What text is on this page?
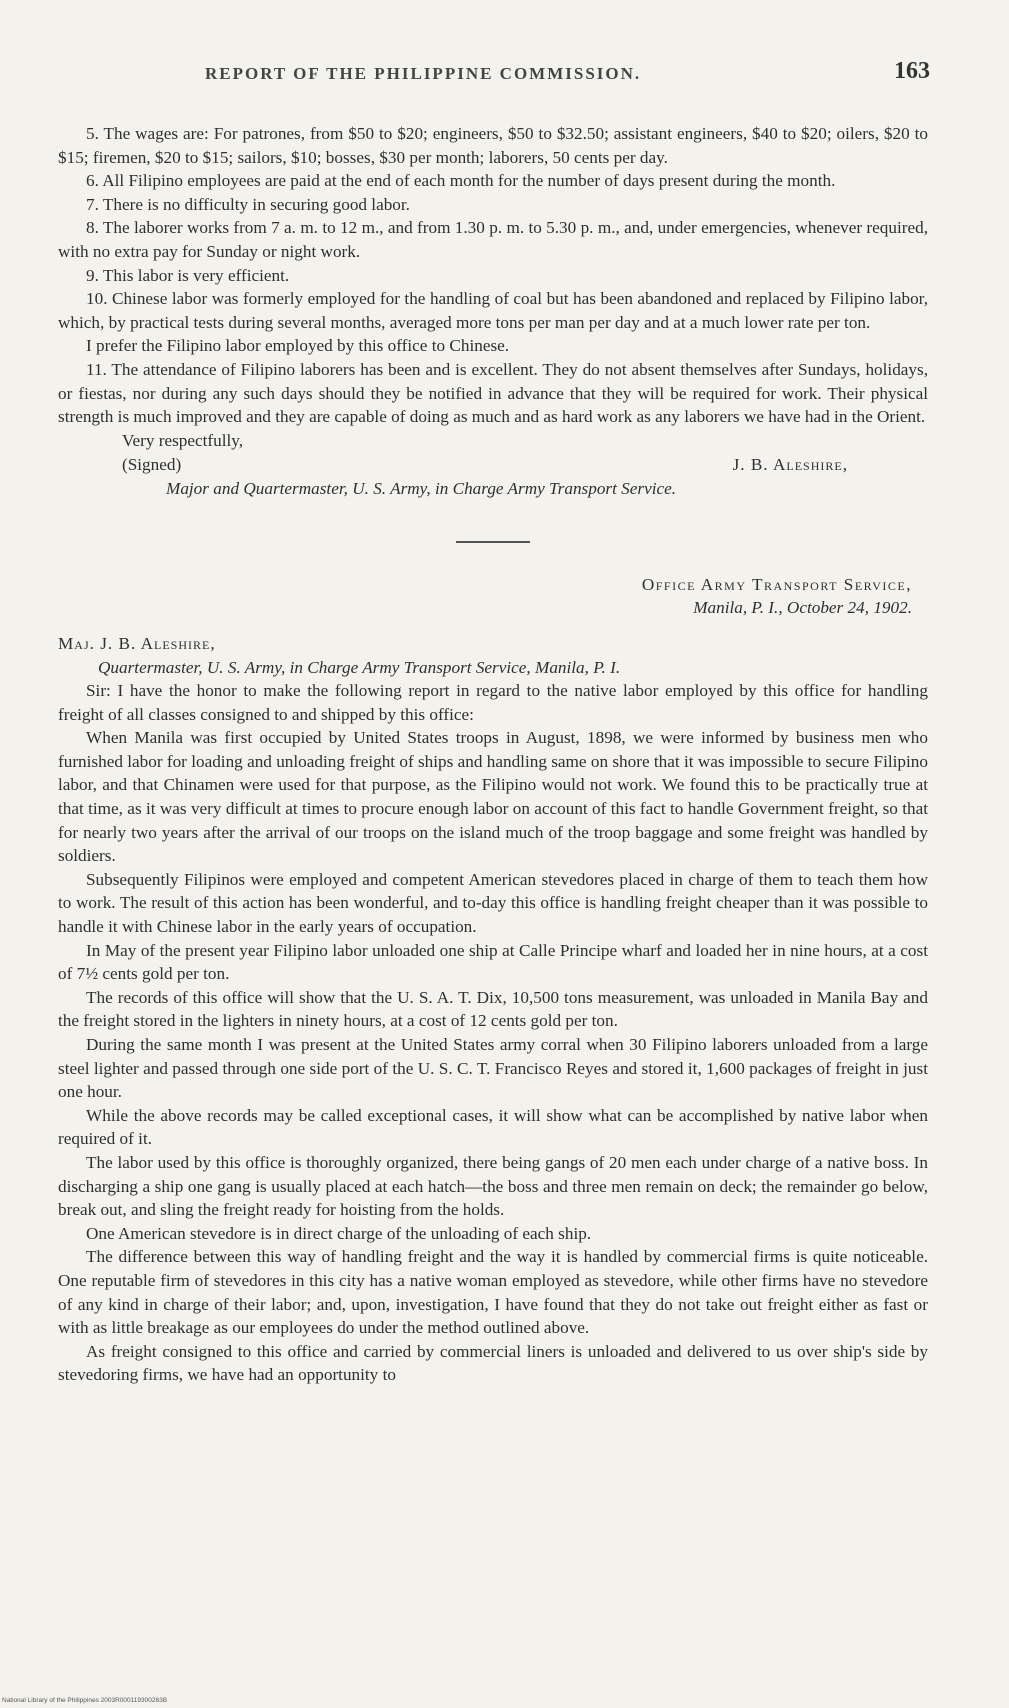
REPORT OF THE PHILIPPINE COMMISSION.	163

5. The wages are: For patrones, from $50 to $20; engineers, $50 to $32.50; assistant engineers, $40 to $20; oilers, $20 to $15; firemen, $20 to $15; sailors, $10; bosses, $30 per month; laborers, 50 cents per day.

6. All Filipino employees are paid at the end of each month for the number of days present during the month.

7. There is no difficulty in securing good labor.

8. The laborer works from 7 a. m. to 12 m., and from 1.30 p. m. to 5.30 p. m., and, under emergencies, whenever required, with no extra pay for Sunday or night work.

9. This labor is very efficient.

10. Chinese labor was formerly employed for the handling of coal but has been abandoned and replaced by Filipino labor, which, by practical tests during several months, averaged more tons per man per day and at a much lower rate per ton.

I prefer the Filipino labor employed by this office to Chinese.

11. The attendance of Filipino laborers has been and is excellent. They do not absent themselves after Sundays, holidays, or fiestas, nor during any such days should they be notified in advance that they will be required for work. Their physical strength is much improved and they are capable of doing as much and as hard work as any laborers we have had in the Orient.

Very respectfully,
(Signed)	J. B. Aleshire,
Major and Quartermaster, U. S. Army, in Charge Army Transport Service.
Office Army Transport Service,
Manila, P. I., October 24, 1902.
Maj. J. B. Aleshire,
Quartermaster, U. S. Army, in Charge Army Transport Service, Manila, P. I.

Sir: I have the honor to make the following report in regard to the native labor employed by this office for handling freight of all classes consigned to and shipped by this office:

When Manila was first occupied by United States troops in August, 1898, we were informed by business men who furnished labor for loading and unloading freight of ships and handling same on shore that it was impossible to secure Filipino labor, and that Chinamen were used for that purpose, as the Filipino would not work. We found this to be practically true at that time, as it was very difficult at times to procure enough labor on account of this fact to handle Government freight, so that for nearly two years after the arrival of our troops on the island much of the troop baggage and some freight was handled by soldiers.

Subsequently Filipinos were employed and competent American stevedores placed in charge of them to teach them how to work. The result of this action has been wonderful, and to-day this office is handling freight cheaper than it was possible to handle it with Chinese labor in the early years of occupation.

In May of the present year Filipino labor unloaded one ship at Calle Principe wharf and loaded her in nine hours, at a cost of 7½ cents gold per ton.

The records of this office will show that the U. S. A. T. Dix, 10,500 tons measurement, was unloaded in Manila Bay and the freight stored in the lighters in ninety hours, at a cost of 12 cents gold per ton.

During the same month I was present at the United States army corral when 30 Filipino laborers unloaded from a large steel lighter and passed through one side port of the U. S. C. T. Francisco Reyes and stored it, 1,600 packages of freight in just one hour.

While the above records may be called exceptional cases, it will show what can be accomplished by native labor when required of it.

The labor used by this office is thoroughly organized, there being gangs of 20 men each under charge of a native boss. In discharging a ship one gang is usually placed at each hatch—the boss and three men remain on deck; the remainder go below, break out, and sling the freight ready for hoisting from the holds.

One American stevedore is in direct charge of the unloading of each ship.

The difference between this way of handling freight and the way it is handled by commercial firms is quite noticeable. One reputable firm of stevedores in this city has a native woman employed as stevedore, while other firms have no stevedore of any kind in charge of their labor; and, upon, investigation, I have found that they do not take out freight either as fast or with as little breakage as our employees do under the method outlined above.

As freight consigned to this office and carried by commercial liners is unloaded and delivered to us over ship's side by stevedoring firms, we have had an opportunity to

National Library of the Philippines 2003R000119300263B
